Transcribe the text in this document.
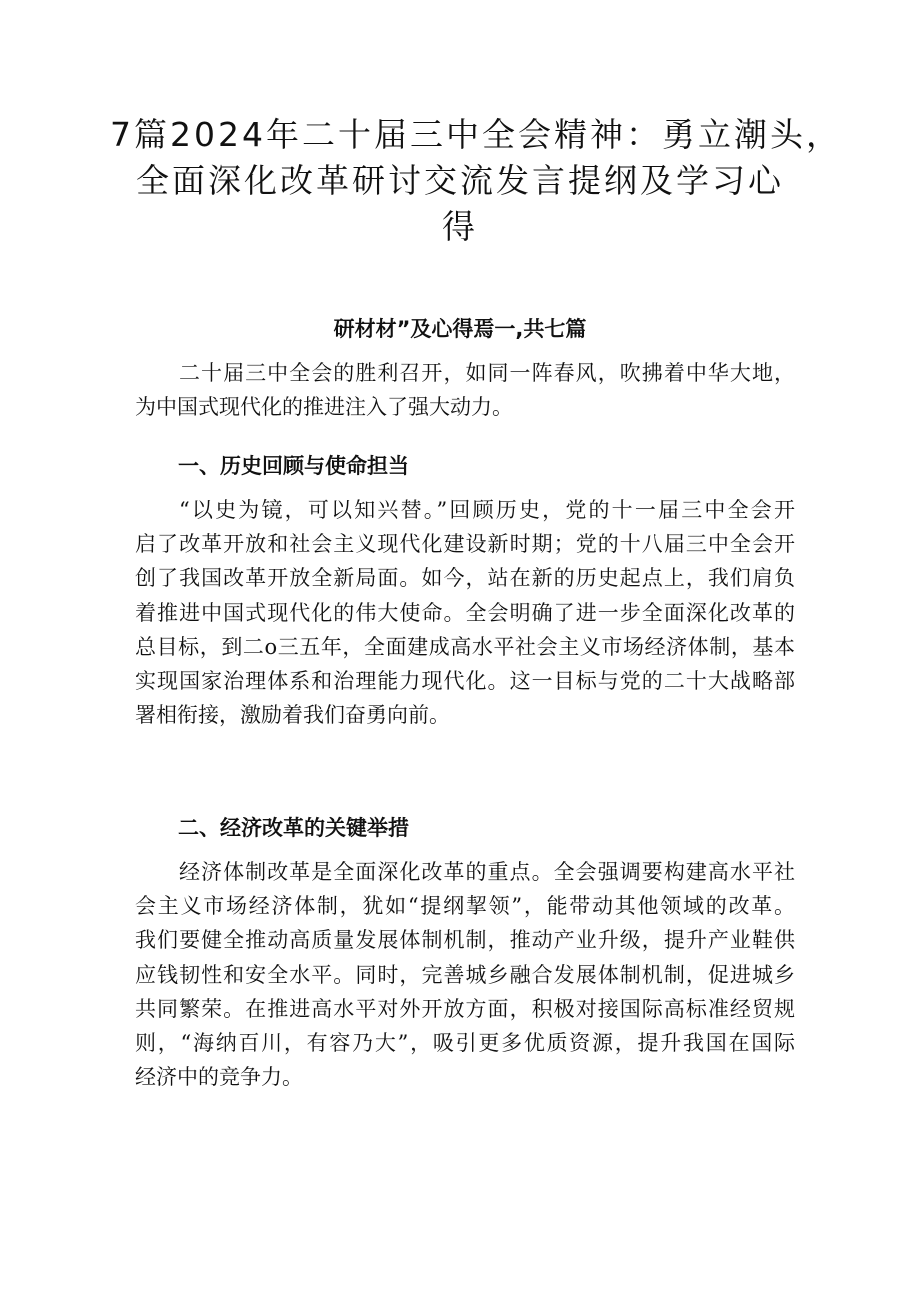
7篇2024年二十届三中全会精神：勇立潮头，
全面深化改革研讨交流发言提纲及学习心
得
研材材”及心得焉一,共七篇

二十届三中全会的胜利召开，如同一阵春风，吹拂着中华大地，
为中国式现代化的推进注入了强大动力。

一、历史回顾与使命担当

“以史为镜，可以知兴替。”回顾历史，党的十一届三中全会开
启了改革开放和社会主义现代化建设新时期；党的十八届三中全会开
创了我国改革开放全新局面。如今，站在新的历史起点上，我们肩负
着推进中国式现代化的伟大使命。全会明确了进一步全面深化改革的
总目标，到二o三五年，全面建成高水平社会主义市场经济体制，基本
实现国家治理体系和治理能力现代化。这一目标与党的二十大战略部
署相衔接，激励着我们奋勇向前。

二、经济改革的关键举措

经济体制改革是全面深化改革的重点。全会强调要构建高水平社
会主义市场经济体制，犹如“提纲挈领”，能带动其他领域的改革。
我们要健全推动高质量发展体制机制，推动产业升级，提升产业鞋供
应钱韧性和安全水平。同时，完善城乡融合发展体制机制，促进城乡
共同繁荣。在推进高水平对外开放方面，积极对接国际高标准经贸规
则，“海纳百川，有容乃大”，吸引更多优质资源，提升我国在国际
经济中的竞争力。
